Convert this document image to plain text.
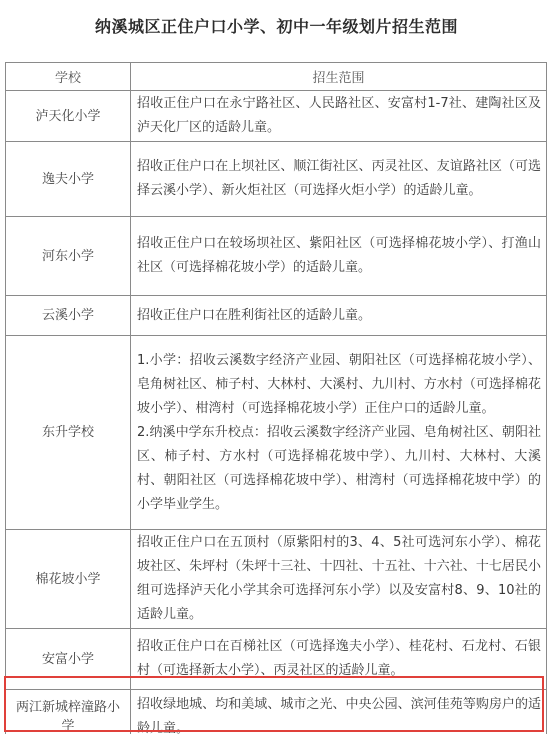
纳溪城区正住户口小学、初中一年级划片招生范围
学校	招生范围
泸天化小学	招收正住户口在永宁路社区、人民路社区、安富村1-7社、建陶社区及泸天化厂区的适龄儿童。

逸夫小学	招收正住户口在上坝社区、顺江街社区、丙灵社区、友谊路社区（可选择云溪小学）、新火炬社区（可选择火炬小学）的适龄儿童。

河东小学	招收正住户口在较场坝社区、紫阳社区（可选择棉花坡小学）、打渔山社区（可选择棉花坡小学）的适龄儿童。

云溪小学	招收正住户口在胜利街社区的适龄儿童。

东升学校	1.小学：招收云溪数字经济产业园、朝阳社区（可选择棉花坡小学）、皂角树社区、柿子村、大林村、大溪村、九川村、方水村（可选择棉花坡小学）、柑湾村（可选择棉花坡小学）正住户口的适龄儿童。
2.纳溪中学东升校点：招收云溪数字经济产业园、皂角树社区、朝阳社区、柿子村、方水村（可选择棉花坡中学）、九川村、大林村、大溪村、朝阳社区（可选择棉花坡中学）、柑湾村（可选择棉花坡中学）的小学毕业学生。

棉花坡小学	招收正住户口在五顶村（原紫阳村的3、4、5社可选河东小学）、棉花坡社区、朱坪村（朱坪十三社、十四社、十五社、十六社、十七居民小组可选择泸天化小学其余可选择河东小学）以及安富村8、9、10社的适龄儿童。

安富小学	招收正住户口在百梯社区（可选择逸夫小学）、桂花村、石龙村、石银村（可选择新太小学）、丙灵社区的适龄儿童。

两江新城梓潼路小学	招收绿地城、均和美域、城市之光、中央公园、滨河佳苑等购房户的适龄儿童。
